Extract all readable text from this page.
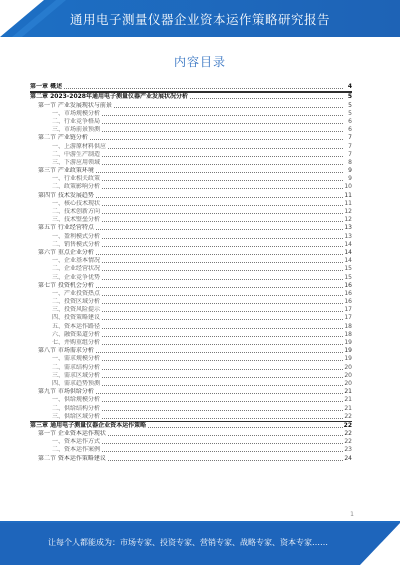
通用电子测量仪器企业资本运作策略研究报告
内容目录
第一章 概述	4
第二章 2023-2028年通用电子测量仪器产业发展状况分析	5
第一节 产业发展现状与前景	5
一、市场规模分析	5
二、行业竞争格局	6
三、市场前景预测	6
第二节 产业链分析	7
一、上游原材料供应	7
二、中游生产制造	7
三、下游应用领域	8
第三节 产业政策环境	9
一、行业相关政策	9
二、政策影响分析	10
第四节 技术发展趋势	11
一、核心技术现状	11
二、技术创新方向	12
三、技术壁垒分析	12
第五节 行业经营特点	13
一、盈利模式分析	13
二、销售模式分析	14
第六节 重点企业分析	14
一、企业基本情况	14
二、企业经营状况	15
三、企业竞争优势	15
第七节 投资机会分析	16
一、产业投资热点	16
二、投资区域分析	16
三、投资风险提示	17
四、投资策略建议	17
五、资本运作路径	18
六、融资渠道分析	18
七、并购重组分析	19
第八节 市场需求分析	19
一、需求规模分析	19
二、需求结构分析	20
三、需求区域分析	20
四、需求趋势预测	20
第九节 市场供给分析	21
一、供给规模分析	21
二、供给结构分析	21
三、供给区域分析	22
第三章 通用电子测量仪器企业资本运作策略	22
第一节 企业资本运作现状	22
一、资本运作方式	22
二、资本运作案例	23
第二节 资本运作策略建议	24
1
让每个人都能成为：市场专家、投资专家、营销专家、战略专家、资本专家……
